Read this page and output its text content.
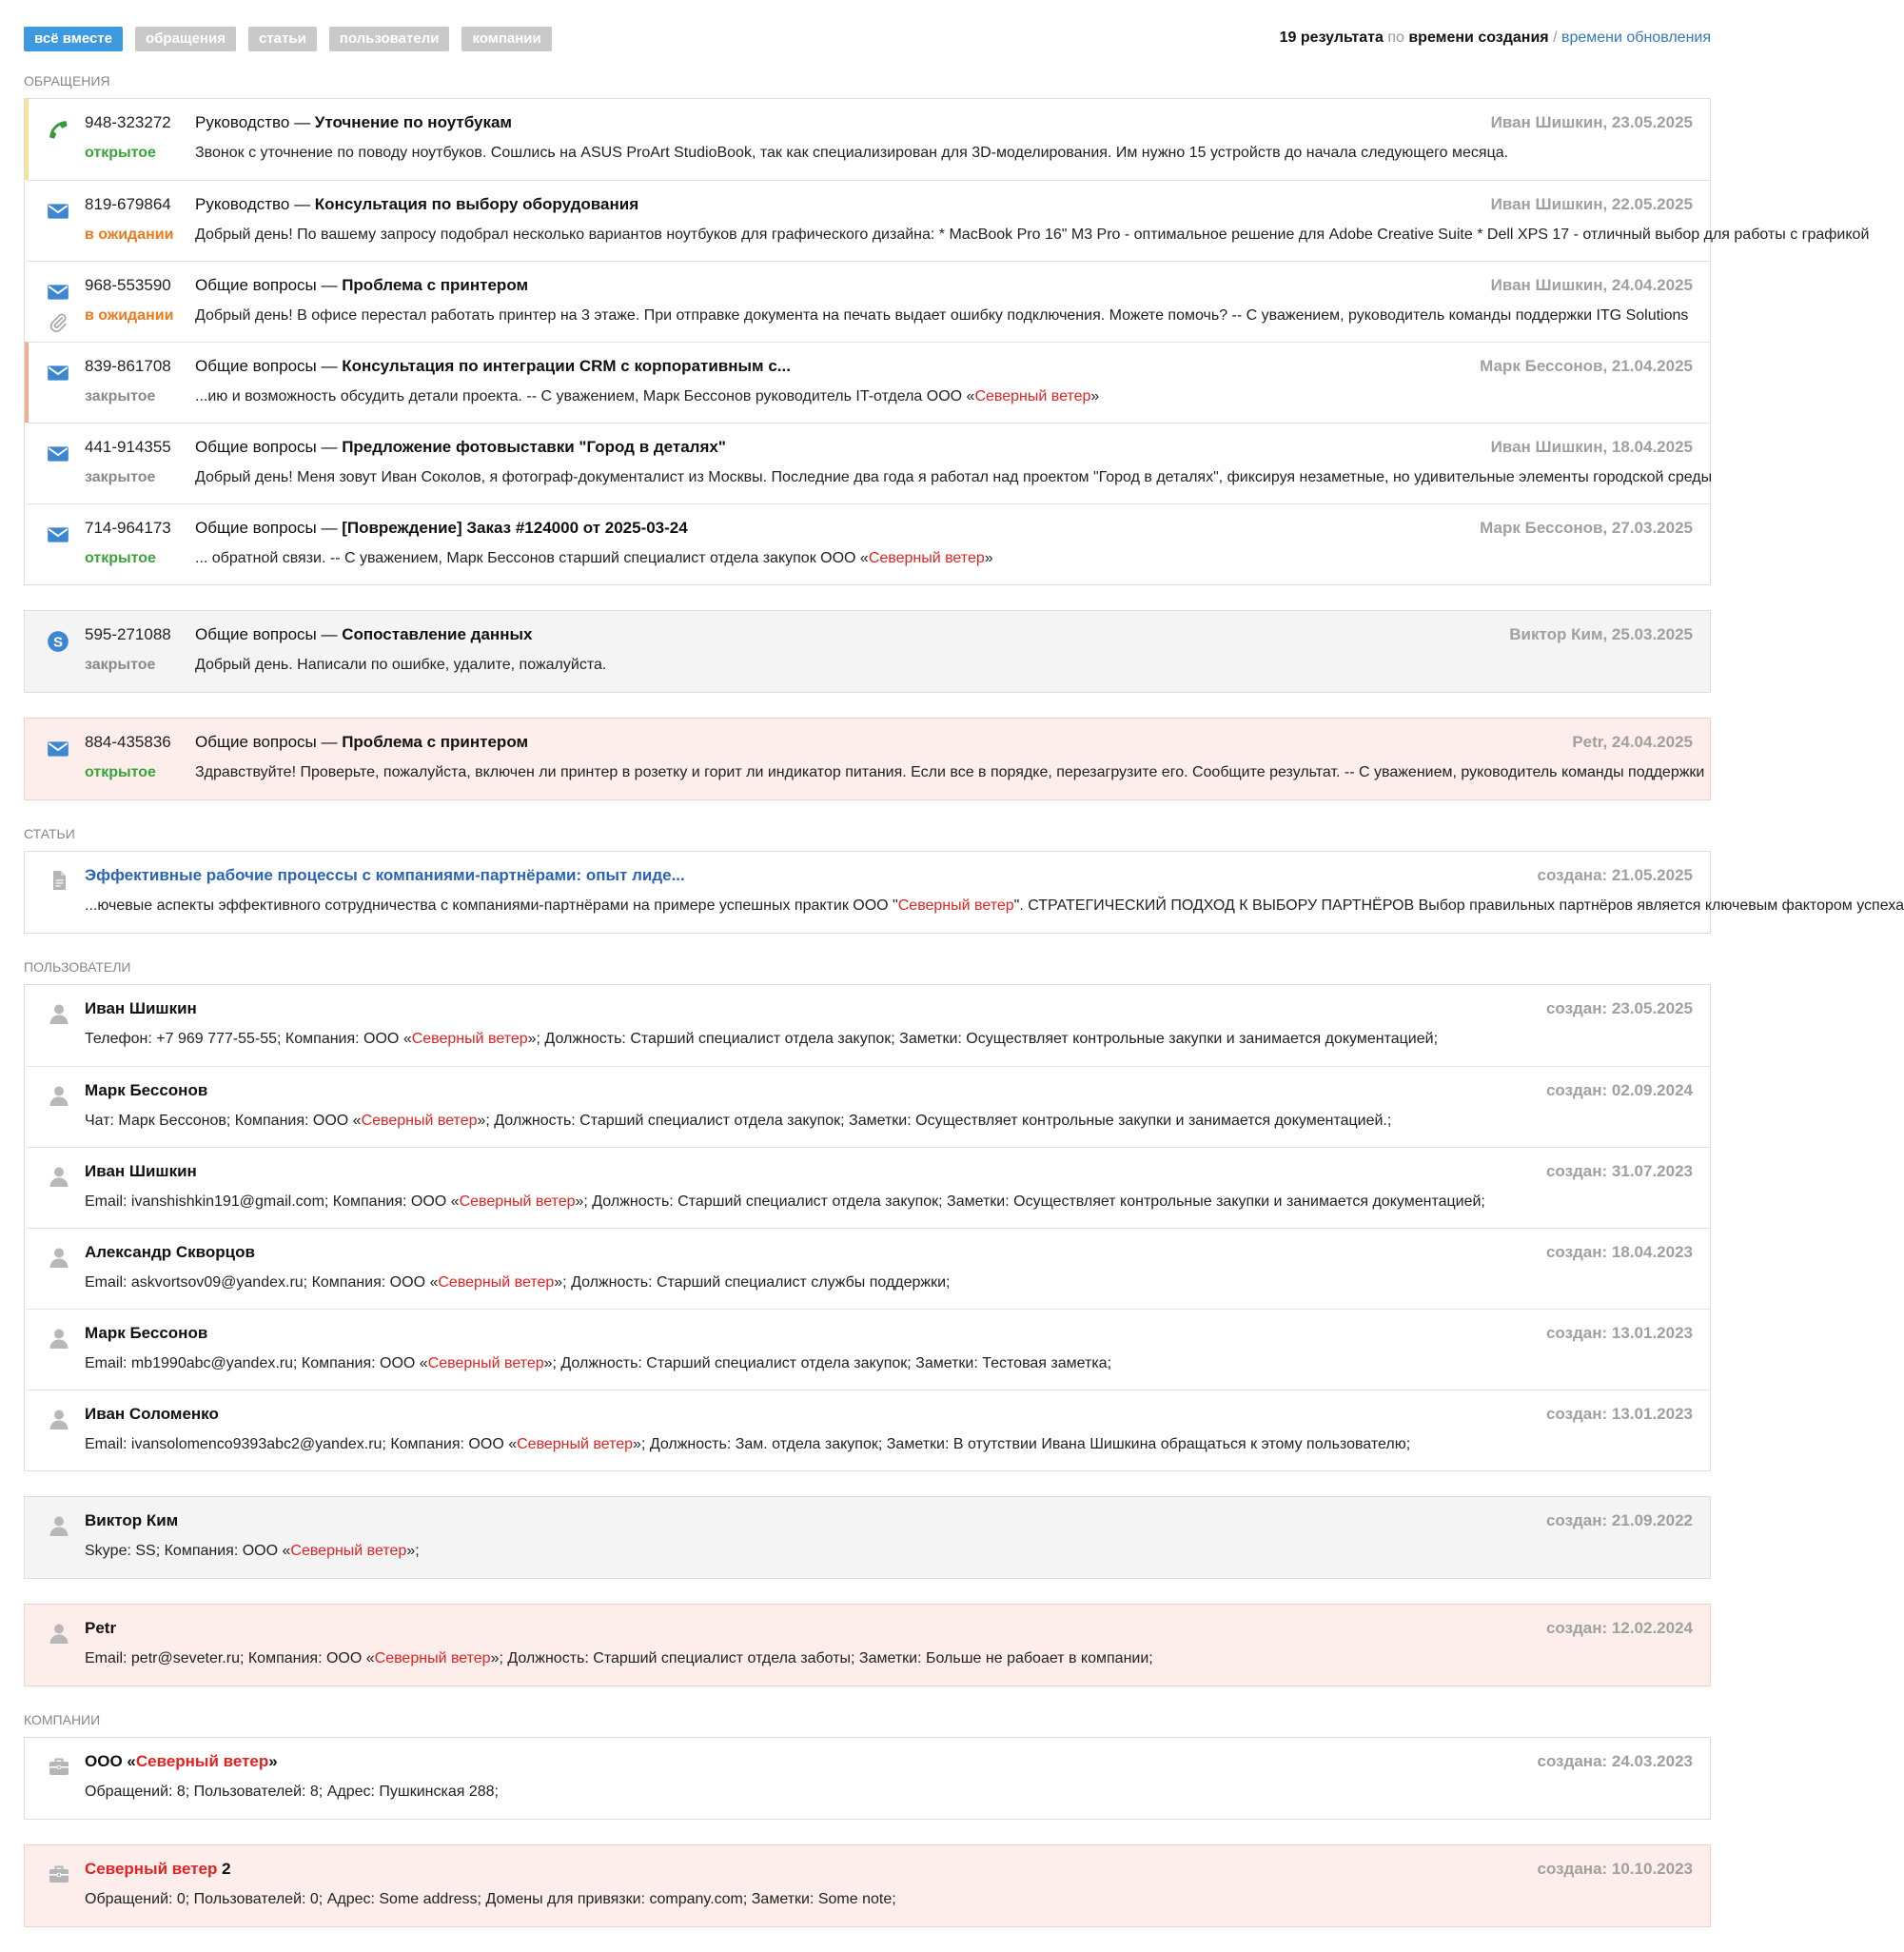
всё вместе	обращения	статьи	пользователи	компании	19 результата по времени создания / времени обновления
ОБРАЩЕНИЯ
948-323272
открытое
Руководство — Уточнение по ноутбукам	Иван Шишкин, 23.05.2025
Звонок с уточнение по поводу ноутбуков. Сошлись на ASUS ProArt StudioBook, так как специализирован для 3D-моделирования. Им нужно 15 устройств до начала следующего месяца.
819-679864
в ожидании
Руководство — Консультация по выбору оборудования	Иван Шишкин, 22.05.2025
Добрый день! По вашему запросу подобрал несколько вариантов ноутбуков для графического дизайна: * MacBook Pro 16" M3 Pro - оптимальное решение для Adobe Creative Suite * Dell XPS 17 - отличный выбор для работы с графикой
968-553590
в ожидании
Общие вопросы — Проблема с принтером	Иван Шишкин, 24.04.2025
Добрый день! В офисе перестал работать принтер на 3 этаже. При отправке документа на печать выдает ошибку подключения. Можете помочь? -- С уважением, руководитель команды поддержки ITG Solutions
839-861708
закрытое
Общие вопросы — Консультация по интеграции CRM с корпоративным с...	Марк Бессонов, 21.04.2025
...ию и возможность обсудить детали проекта. -- С уважением, Марк Бессонов руководитель IT-отдела ООО «Северный ветер»
441-914355
закрытое
Общие вопросы — Предложение фотовыставки "Город в деталях"	Иван Шишкин, 18.04.2025
Добрый день! Меня зовут Иван Соколов, я фотограф-документалист из Москвы. Последние два года я работал над проектом "Город в деталях", фиксируя незаметные, но удивительные элементы городской среды
714-964173
открытое
Общие вопросы — [Повреждение] Заказ #124000 от 2025-03-24	Марк Бессонов, 27.03.2025
... обратной связи. -- С уважением, Марк Бессонов старший специалист отдела закупок ООО «Северный ветер»
S 595-271088
закрытое
Общие вопросы — Сопоставление данных	Виктор Ким, 25.03.2025
Добрый день. Написали по ошибке, удалите, пожалуйста.
884-435836
открытое
Общие вопросы — Проблема с принтером	Petr, 24.04.2025
Здравствуйте! Проверьте, пожалуйста, включен ли принтер в розетку и горит ли индикатор питания. Если все в порядке, перезагрузите его. Сообщите результат. -- С уважением, руководитель команды поддержки
СТАТЬИ
Эффективные рабочие процессы с компаниями-партнёрами: опыт лиде...	создана: 21.05.2025
...ючевые аспекты эффективного сотрудничества с компаниями-партнёрами на примере успешных практик ООО "Северный ветер". СТРАТЕГИЧЕСКИЙ ПОДХОД К ВЫБОРУ ПАРТНЁРОВ Выбор правильных партнёров является ключевым фактором успеха
ПОЛЬЗОВАТЕЛИ
Иван Шишкин	создан: 23.05.2025
Телефон: +7 969 777-55-55; Компания: ООО «Северный ветер»; Должность: Старший специалист отдела закупок; Заметки: Осуществляет контрольные закупки и занимается документацией;
Марк Бессонов	создан: 02.09.2024
Чат: Марк Бессонов; Компания: ООО «Северный ветер»; Должность: Старший специалист отдела закупок; Заметки: Осуществляет контрольные закупки и занимается документацией.;
Иван Шишкин	создан: 31.07.2023
Email: ivanshishkin191@gmail.com; Компания: ООО «Северный ветер»; Должность: Старший специалист отдела закупок; Заметки: Осуществляет контрольные закупки и занимается документацией;
Александр Скворцов	создан: 18.04.2023
Email: askvortsov09@yandex.ru; Компания: ООО «Северный ветер»; Должность: Старший специалист службы поддержки;
Марк Бессонов	создан: 13.01.2023
Email: mb1990abc@yandex.ru; Компания: ООО «Северный ветер»; Должность: Старший специалист отдела закупок; Заметки: Тестовая заметка;
Иван Соломенко	создан: 13.01.2023
Email: ivansolomenco9393abc2@yandex.ru; Компания: ООО «Северный ветер»; Должность: Зам. отдела закупок; Заметки: В отутствии Ивана Шишкина обращаться к этому пользователю;
Виктор Ким	создан: 21.09.2022
Skype: SS; Компания: ООО «Северный ветер»;
Petr	создан: 12.02.2024
Email: petr@seveter.ru; Компания: ООО «Северный ветер»; Должность: Старший специалист отдела заботы; Заметки: Больше не рабоает в компании;
КОМПАНИИ
ООО «Северный ветер»	создана: 24.03.2023
Обращений: 8; Пользователей: 8; Адрес: Пушкинская 288;
Северный ветер 2	создана: 10.10.2023
Обращений: 0; Пользователей: 0; Адрес: Some address; Домены для привязки: company.com; Заметки: Some note;
